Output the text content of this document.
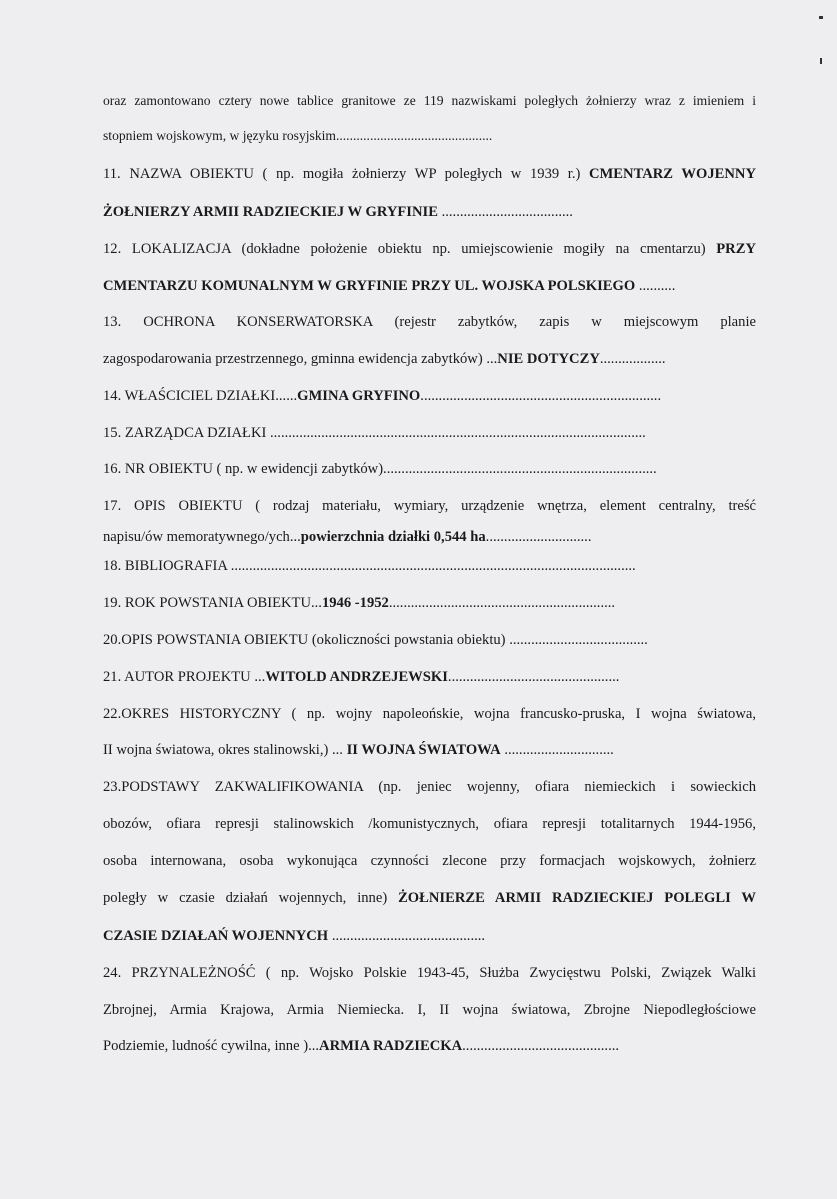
oraz zamontowano cztery nowe tablice granitowe ze 119 nazwiskami poległych żołnierzy wraz z imieniem i
stopniem wojskowym, w języku rosyjskim..............................................
11. NAZWA OBIEKTU ( np. mogiła żołnierzy WP poległych w 1939 r.) CMENTARZ WOJENNY
ŻOŁNIERZY ARMII RADZIECKIEJ W GRYFINIE ....................................
12. LOKALIZACJA (dokładne położenie obiektu np. umiejscowienie mogiły na cmentarzu) PRZY
CMENTARZU KOMUNALNYM W GRYFINIE PRZY UL. WOJSKA POLSKIEGO ..........
13. OCHRONA KONSERWATORSKA (rejestr zabytków, zapis w miejscowym planie
zagospodarowania przestrzennego, gminna ewidencja zabytków) ...NIE DOTYCZY..................
14. WŁAŚCICIEL DZIAŁKI......GMINA GRYFINO..................................................................
15. ZARZĄDCA DZIAŁKI .......................................................................................................
16. NR OBIEKTU ( np. w ewidencji zabytków)...........................................................................
17. OPIS OBIEKTU ( rodzaj materiału, wymiary, urządzenie wnętrza, element centralny, treść
napisu/ów memoratywnego/ych...powierzchnia działki 0,544 ha.............................
18. BIBLIOGRAFIA ...............................................................................................................
19. ROK POWSTANIA OBIEKTU...1946 -1952..............................................................
20.OPIS POWSTANIA OBIEKTU (okoliczności powstania obiektu) ......................................
21. AUTOR PROJEKTU ...WITOLD ANDRZEJEWSKI...............................................
22.OKRES HISTORYCZNY ( np. wojny napoleońskie, wojna francusko-pruska, I wojna światowa,
II wojna światowa, okres stalinowski,) ... II WOJNA ŚWIATOWA ..............................
23.PODSTAWY ZAKWALIFIKOWANIA (np. jeniec wojenny, ofiara niemieckich i sowieckich
obozów, ofiara represji stalinowskich /komunistycznych, ofiara represji totalitarnych 1944-1956,
osoba internowana, osoba wykonująca czynności zlecone przy formacjach wojskowych, żołnierz
poległy w czasie działań wojennych, inne) ŻOŁNIERZE ARMII RADZIECKIEJ POLEGLI W
CZASIE DZIAŁAŃ WOJENNYCH ..........................................
24. PRZYNALEŻNOŚĆ ( np. Wojsko Polskie 1943-45, Służba Zwycięstwu Polski, Związek Walki
Zbrojnej, Armia Krajowa, Armia Niemiecka. I, II wojna światowa, Zbrojne Niepodległościowe
Podziemie, ludność cywilna, inne )...ARMIA RADZIECKA...........................................
